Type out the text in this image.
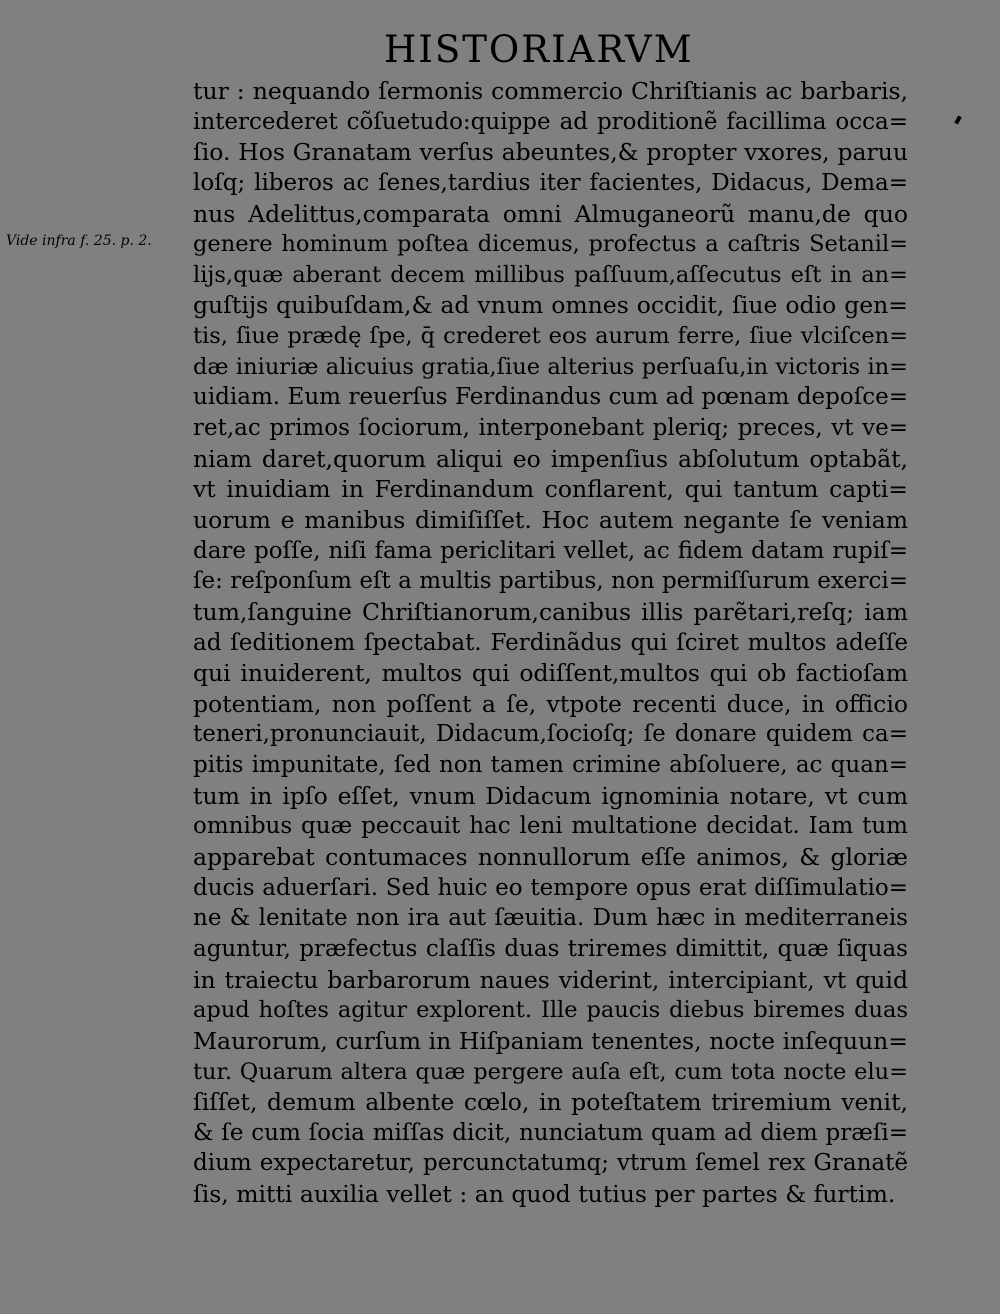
HISTORIARVM
Vide infra f. 25. p. 2.
tur : nequando ſermonis commercio Chriſtianis ac barbaris,
intercederet cõſuetudo:quippe ad proditionẽ facillima occa=
ſio. Hos Granatam verſus abeuntes,& propter vxores, paruu
loſq; liberos ac ſenes,tardius iter facientes, Didacus, Dema=
nus Adelittus,comparata omni Almuganeorũ manu,de quo
genere hominum poſtea dicemus, profectus a caſtris Setanil=
lijs,quæ aberant decem millibus paſſuum,aſſecutus eſt in an=
guſtijs quibuſdam,& ad vnum omnes occidit, ſiue odio gen=
tis, ſiue prædę ſpe, q̄ crederet eos aurum ferre, ſiue vlciſcen=
dæ iniuriæ alicuius gratia,ſiue alterius perſuaſu,in victoris in=
uidiam. Eum reuerſus Ferdinandus cum ad pœnam depoſce=
ret,ac primos ſociorum, interponebant pleriq; preces, vt ve=
niam daret,quorum aliqui eo impenſius abſolutum optabãt,
vt inuidiam in Ferdinandum conflarent, qui tantum capti=
uorum e manibus dimiſiſſet. Hoc autem negante ſe veniam
dare poſſe, niſi fama periclitari vellet, ac fidem datam rupiſ=
ſe: reſponſum eſt a multis partibus, non permiſſurum exerci=
tum,ſanguine Chriſtianorum,canibus illis parẽtari,reſq; iam
ad ſeditionem ſpectabat. Ferdinãdus qui ſciret multos adeſſe
qui inuiderent, multos qui odiſſent,multos qui ob factioſam
potentiam, non poſſent a ſe, vtpote recenti duce, in officio
teneri,pronunciauit, Didacum,ſocioſq; ſe donare quidem ca=
pitis impunitate, ſed non tamen crimine abſoluere, ac quan=
tum in ipſo eſſet, vnum Didacum ignominia notare, vt cum
omnibus quæ peccauit hac leni multatione decidat. Iam tum
apparebat contumaces nonnullorum eſſe animos, & gloriæ
ducis aduerſari. Sed huic eo tempore opus erat diſſimulatio=
ne & lenitate non ira aut ſæuitia. Dum hæc in mediterraneis
aguntur, præfectus claſſis duas triremes dimittit, quæ ſiquas
in traiectu barbarorum naues viderint, intercipiant, vt quid
apud hoſtes agitur explorent. Ille paucis diebus biremes duas
Maurorum, curſum in Hiſpaniam tenentes, nocte inſequun=
tur. Quarum altera quæ pergere auſa eſt, cum tota nocte elu=
ſiſſet, demum albente cœlo, in poteſtatem triremium venit,
& ſe cum ſocia miſſas dicit, nunciatum quam ad diem præſi=
dium expectaretur, percunctatumq; vtrum ſemel rex Granatẽ
ſis, mitti auxilia vellet : an quod tutius per partes & furtim.
